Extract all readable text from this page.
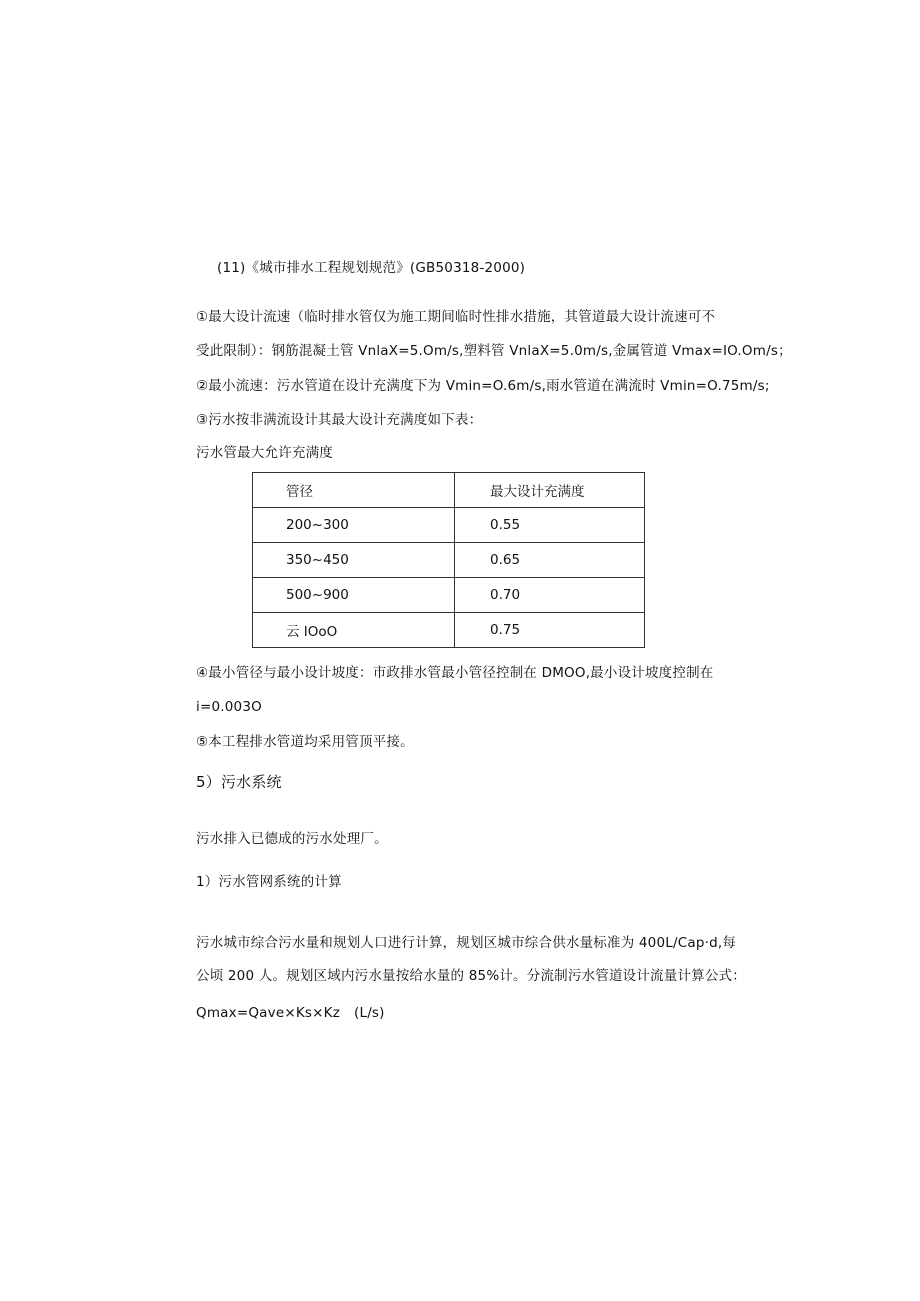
(11)《城市排水工程规划规范》(GB50318-2000)
①最大设计流速（临时排水管仅为施工期间临时性排水措施，其管道最大设计流速可不
受此限制）：钢筋混凝土管 VnlaX=5.Om∕s,塑料管 VnlaX=5.0m∕s,金属管道 Vmax=IO.Om/s；
②最小流速：污水管道在设计充满度下为 Vmin=O.6m∕s,雨水管道在满流时 Vmin=O.75m∕s;
③污水按非满流设计其最大设计充满度如下表：
污水管最大允许充满度
管径	最大设计充满度
200~300	0.55
350~450	0.65
500~900	0.70
云 IOoO	0.75
④最小管径与最小设计坡度：市政排水管最小管径控制在 DMOO,最小设计坡度控制在
i=0.003O
⑤本工程排水管道均采用管顶平接。
5）污水系统
污水排入已德成的污水处理厂。
1）污水管网系统的计算
污水城市综合污水量和规划人口进行计算，规划区城市综合供水量标准为 400L∕Cap·d,每
公顷 200 人。规划区域内污水量按给水量的 85%计。分流制污水管道设计流量计算公式：
Qmax=Qave×Ks×Kz (L∕s)
